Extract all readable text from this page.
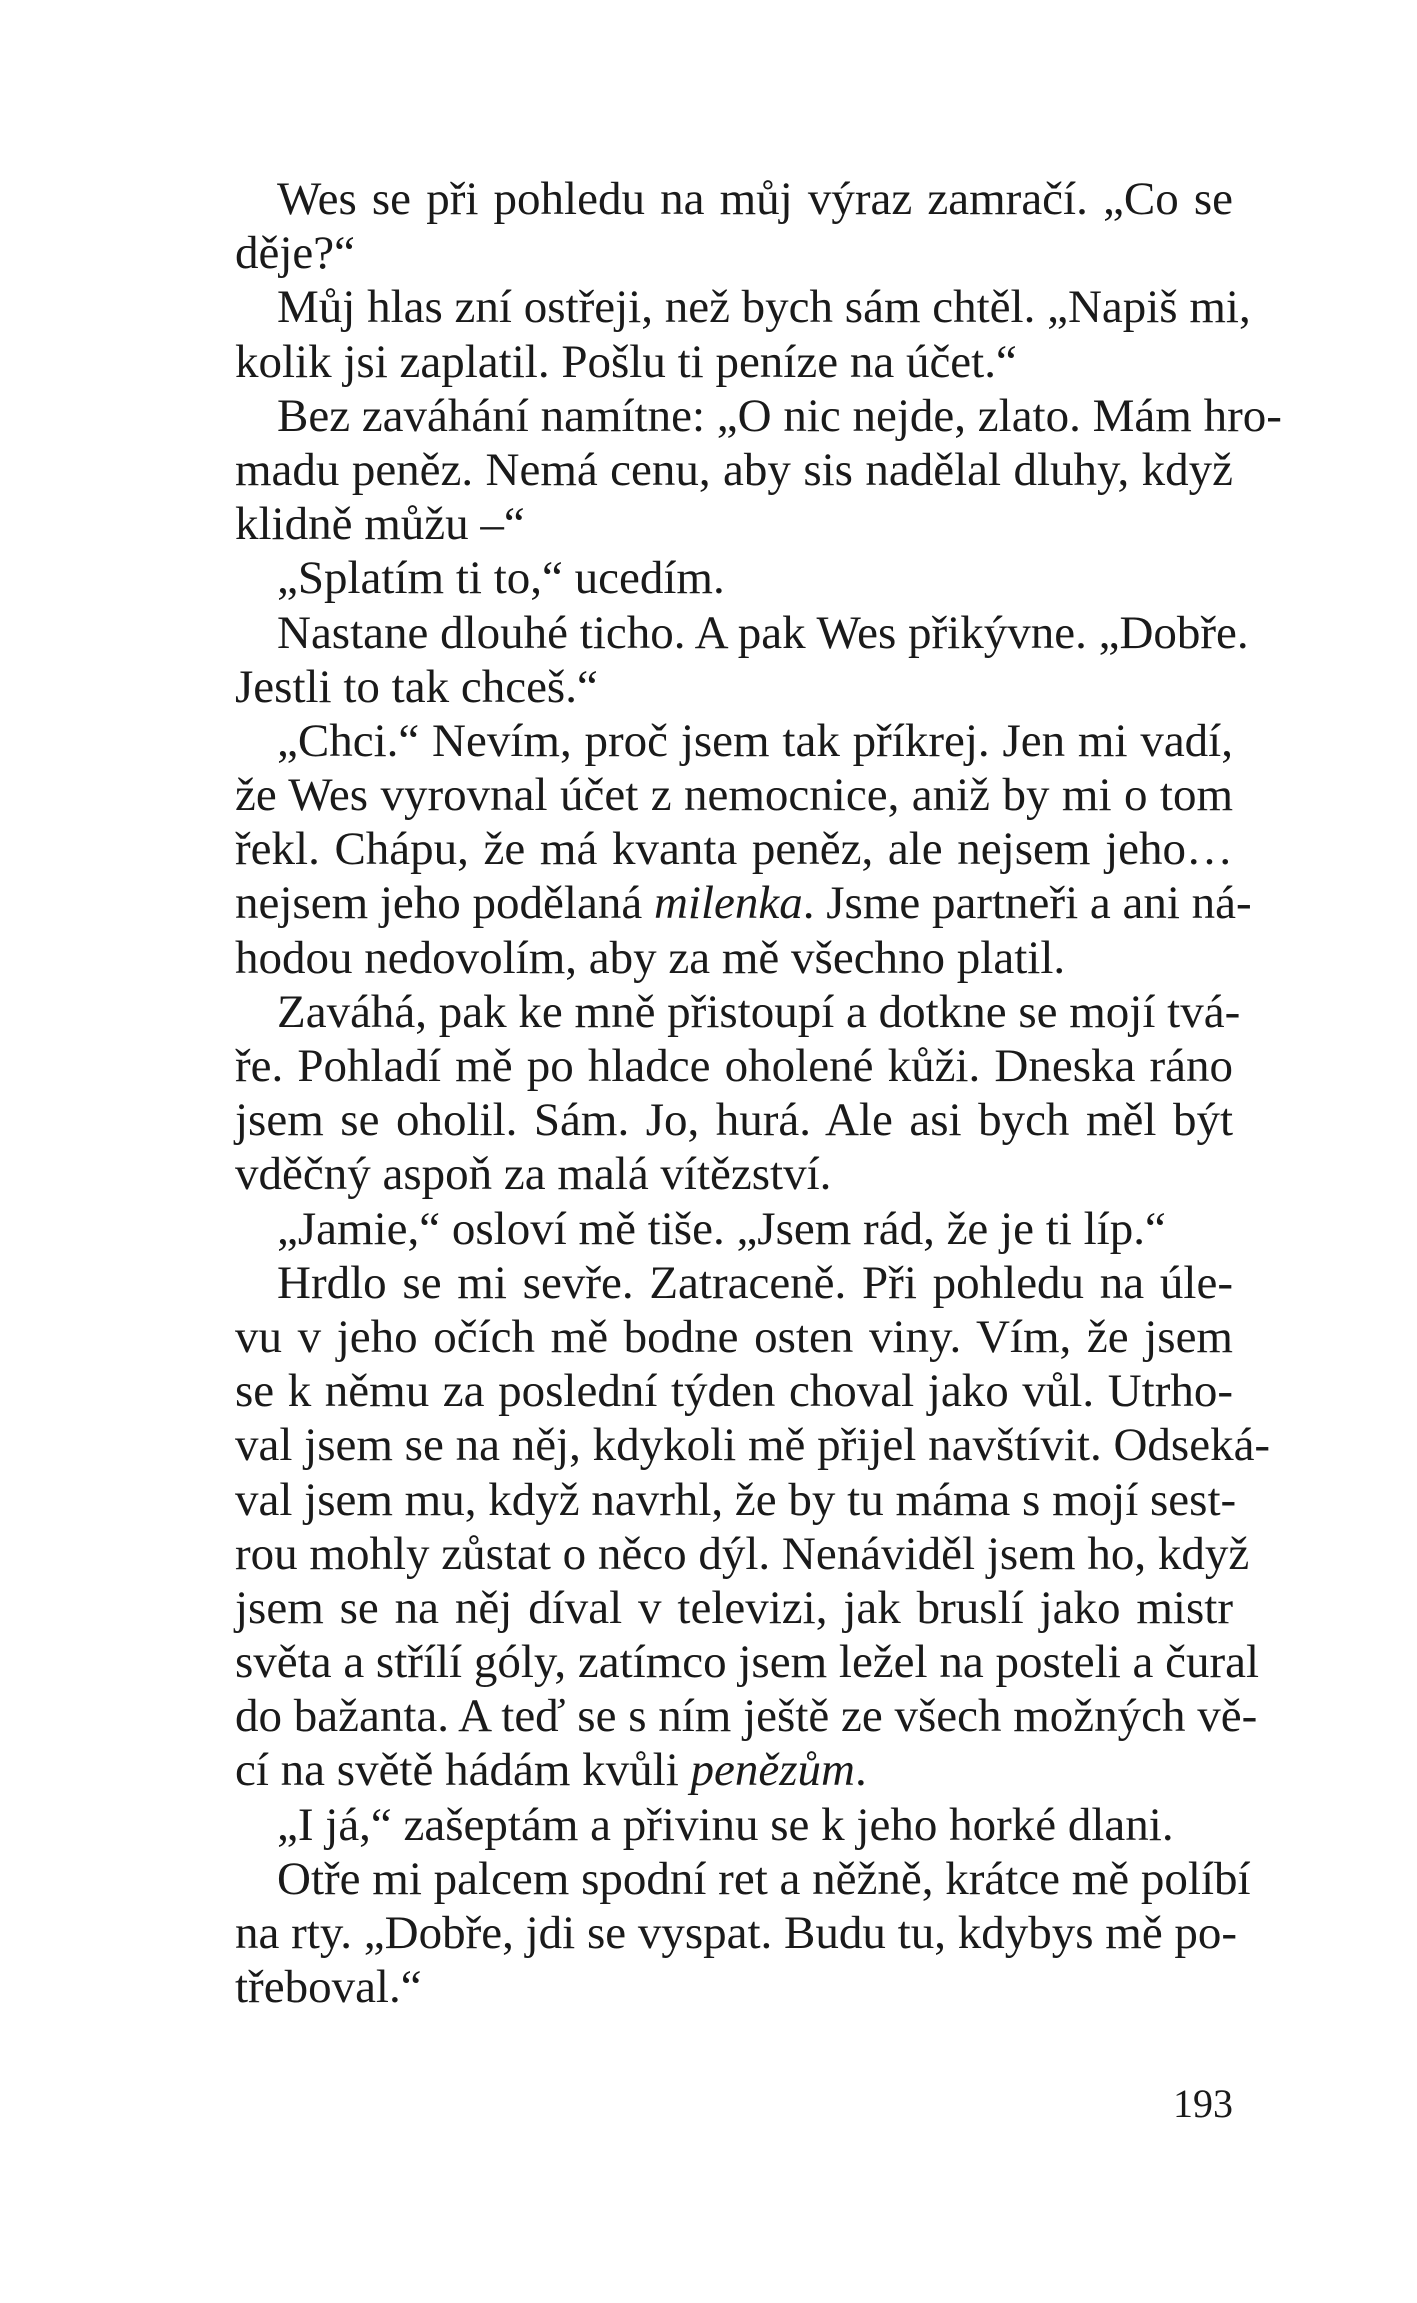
Wes se při pohledu na můj výraz zamračí. „Co se
děje?“
Můj hlas zní ostřeji, než bych sám chtěl. „Napiš mi,
kolik jsi zaplatil. Pošlu ti peníze na účet.“
Bez zaváhání namítne: „O nic nejde, zlato. Mám hro-
madu peněz. Nemá cenu, aby sis nadělal dluhy, když
klidně můžu –“
„Splatím ti to,“ ucedím.
Nastane dlouhé ticho. A pak Wes přikývne. „Dobře.
Jestli to tak chceš.“
„Chci.“ Nevím, proč jsem tak příkrej. Jen mi vadí,
že Wes vyrovnal účet z nemocnice, aniž by mi o tom
řekl. Chápu, že má kvanta peněz, ale nejsem jeho…
nejsem jeho podělaná milenka. Jsme partneři a ani ná-
hodou nedovolím, aby za mě všechno platil.
Zaváhá, pak ke mně přistoupí a dotkne se mojí tvá-
ře. Pohladí mě po hladce oholené kůži. Dneska ráno
jsem se oholil. Sám. Jo, hurá. Ale asi bych měl být
vděčný aspoň za malá vítězství.
„Jamie,“ osloví mě tiše. „Jsem rád, že je ti líp.“
Hrdlo se mi sevře. Zatraceně. Při pohledu na úle-
vu v jeho očích mě bodne osten viny. Vím, že jsem
se k němu za poslední týden choval jako vůl. Utrho-
val jsem se na něj, kdykoli mě přijel navštívit. Odseká-
val jsem mu, když navrhl, že by tu máma s mojí sest-
rou mohly zůstat o něco dýl. Nenáviděl jsem ho, když
jsem se na něj díval v televizi, jak bruslí jako mistr
světa a střílí góly, zatímco jsem ležel na posteli a čural
do bažanta. A teď se s ním ještě ze všech možných vě-
cí na světě hádám kvůli penězům.
„I já,“ zašeptám a přivinu se k jeho horké dlani.
Otře mi palcem spodní ret a něžně, krátce mě políbí
na rty. „Dobře, jdi se vyspat. Budu tu, kdybys mě po-
třeboval.“
193
